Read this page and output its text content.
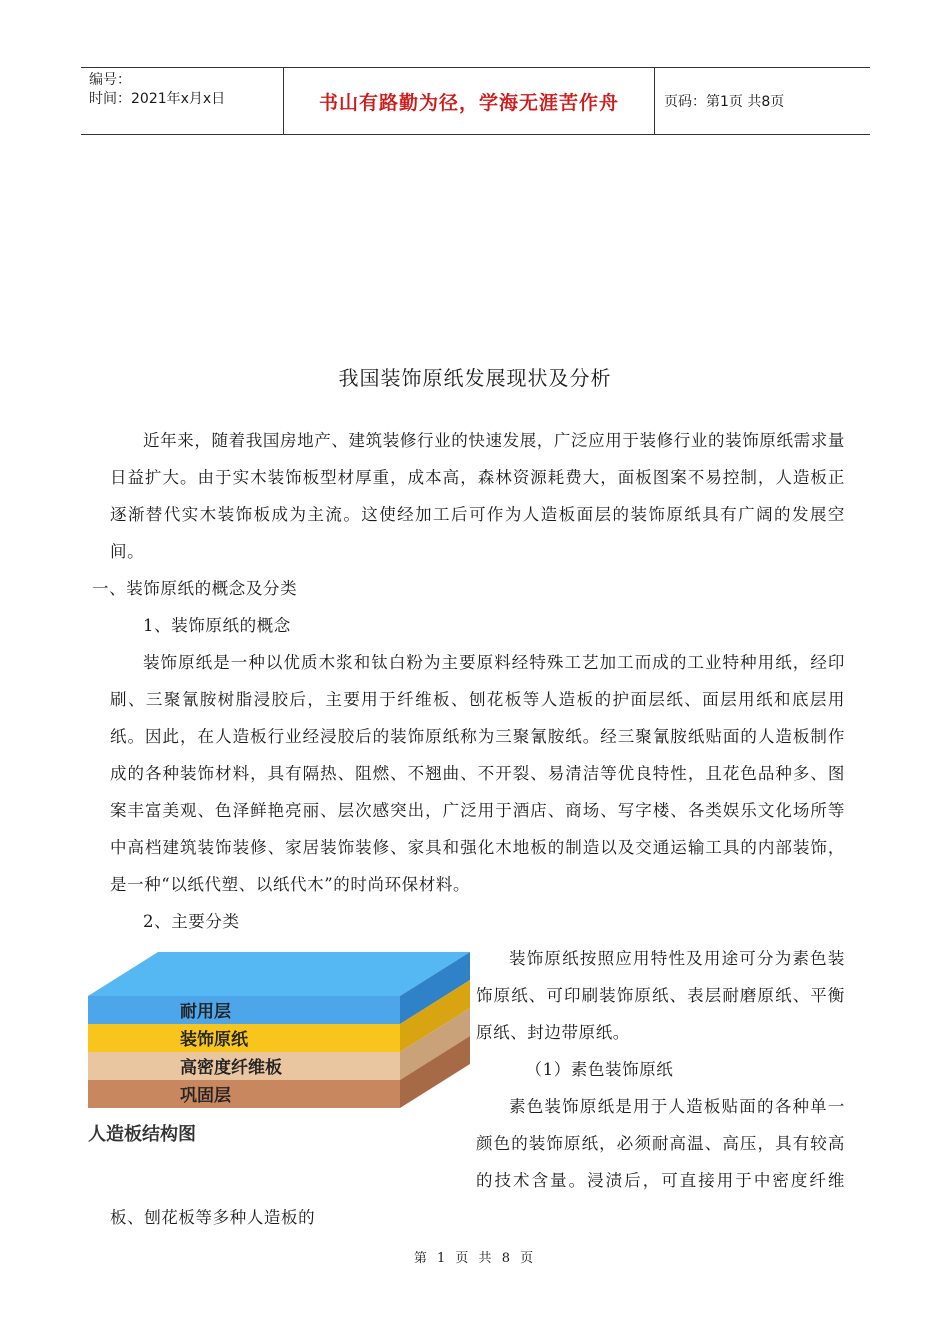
编号：
时间：2021年x月x日	书山有路勤为径，学海无涯苦作舟	页码：第1页 共8页
我国装饰原纸发展现状及分析

近年来，随着我国房地产、建筑装修行业的快速发展，广泛应用于装修行业的装饰原纸需求量日益扩大。由于实木装饰板型材厚重，成本高，森林资源耗费大，面板图案不易控制，人造板正逐渐替代实木装饰板成为主流。这使经加工后可作为人造板面层的装饰原纸具有广阔的发展空间。

一、装饰原纸的概念及分类

1、装饰原纸的概念

装饰原纸是一种以优质木浆和钛白粉为主要原料经特殊工艺加工而成的工业特种用纸，经印刷、三聚氰胺树脂浸胶后，主要用于纤维板、刨花板等人造板的护面层纸、面层用纸和底层用纸。因此，在人造板行业经浸胶后的装饰原纸称为三聚氰胺纸。经三聚氰胺纸贴面的人造板制作成的各种装饰材料，具有隔热、阻燃、不翘曲、不开裂、易清洁等优良特性，且花色品种多、图案丰富美观、色泽鲜艳亮丽、层次感突出，广泛用于酒店、商场、写字楼、各类娱乐文化场所等中高档建筑装饰装修、家居装饰装修、家具和强化木地板的制造以及交通运输工具的内部装饰，是一种“以纸代塑、以纸代木”的时尚环保材料。

2、主要分类

耐用层
装饰原纸
高密度纤维板
巩固层
人造板结构图

装饰原纸按照应用特性及用途可分为素色装饰原纸、可印刷装饰原纸、表层耐磨原纸、平衡原纸、封边带原纸。

（1）素色装饰原纸

素色装饰原纸是用于人造板贴面的各种单一颜色的装饰原纸，必须耐高温、高压，具有较高的技术含量。浸渍后，可直接用于中密度纤维板、刨花板等多种人造板的

第 1 页 共 8 页
